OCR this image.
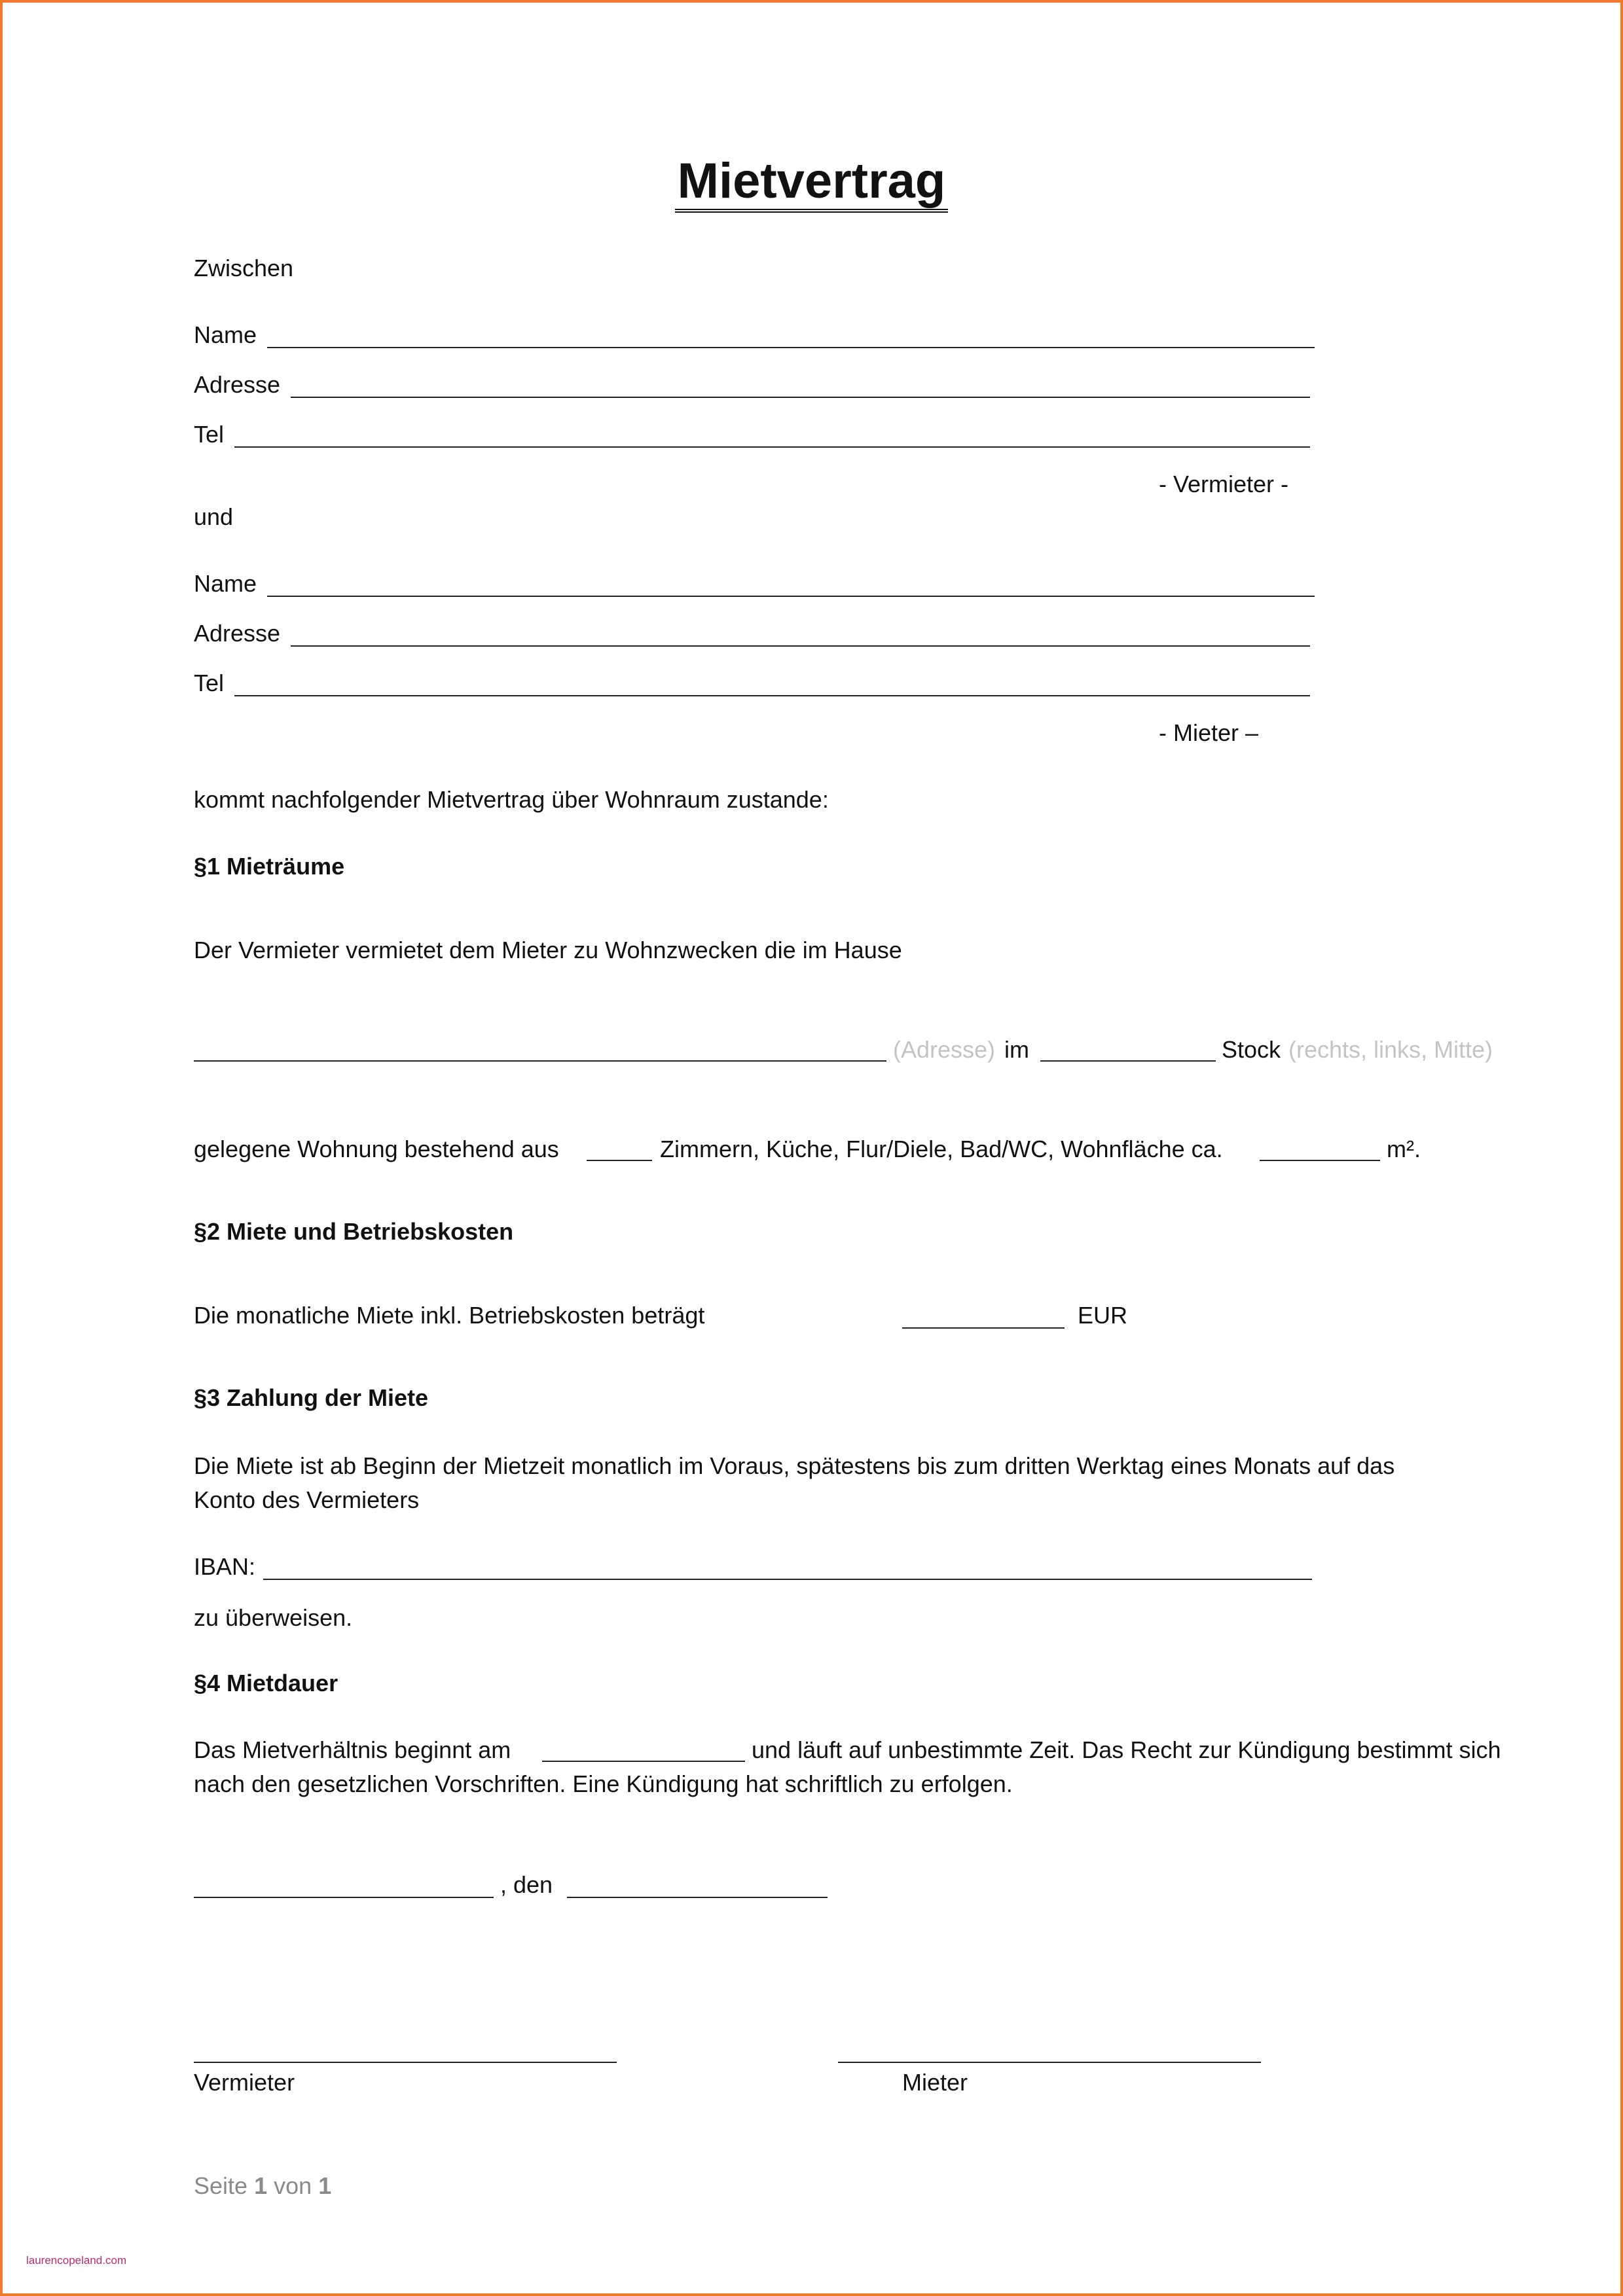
Mietvertrag
Zwischen
Name
Adresse
Tel
- Vermieter -
und
Name
Adresse
Tel
- Mieter –
kommt nachfolgender Mietvertrag über Wohnraum zustande:
§1 Mieträume
Der Vermieter vermietet dem Mieter zu Wohnzwecken die im Hause
(Adresse) im	Stock (rechts, links, Mitte)
gelegene Wohnung bestehend aus	Zimmern, Küche, Flur/Diele, Bad/WC, Wohnfläche ca.	m².
§2 Miete und Betriebskosten
Die monatliche Miete inkl. Betriebskosten beträgt	EUR
§3 Zahlung der Miete
Die Miete ist ab Beginn der Mietzeit monatlich im Voraus, spätestens bis zum dritten Werktag eines Monats auf das
Konto des Vermieters
IBAN:
zu überweisen.
§4 Mietdauer
Das Mietverhältnis beginnt am	und läuft auf unbestimmte Zeit. Das Recht zur Kündigung bestimmt sich
nach den gesetzlichen Vorschriften. Eine Kündigung hat schriftlich zu erfolgen.
, den
Vermieter	Mieter
Seite 1 von 1
laurencopeland.com
